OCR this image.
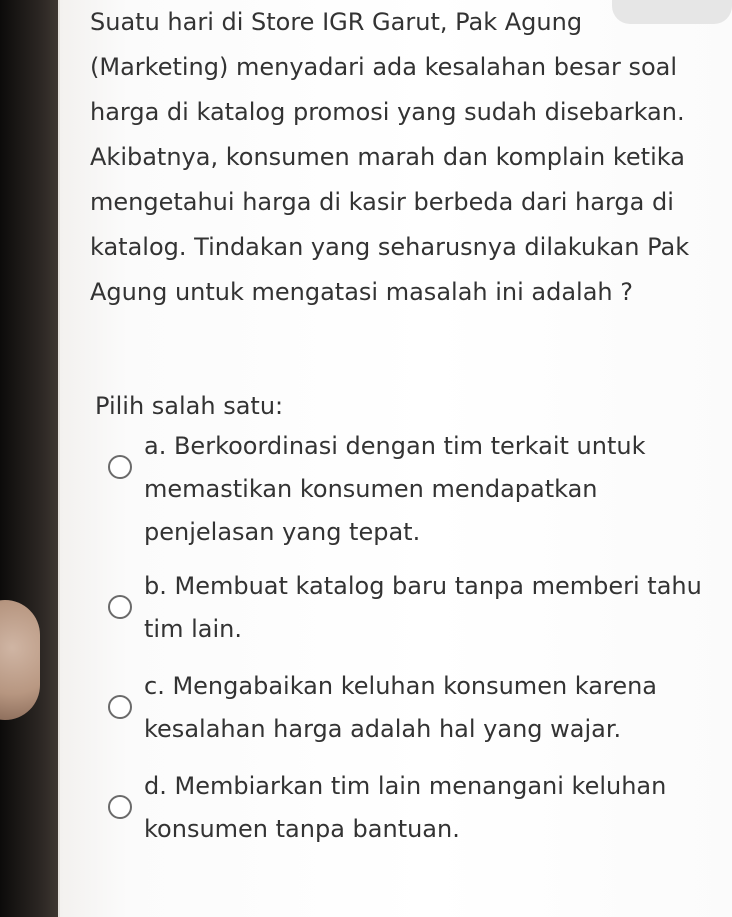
Suatu hari di Store IGR Garut, Pak Agung (Marketing) menyadari ada kesalahan besar soal harga di katalog promosi yang sudah disebarkan. Akibatnya, konsumen marah dan komplain ketika mengetahui harga di kasir berbeda dari harga di katalog. Tindakan yang seharusnya dilakukan Pak Agung untuk mengatasi masalah ini adalah ?

Pilih salah satu:

a. Berkoordinasi dengan tim terkait untuk memastikan konsumen mendapatkan penjelasan yang tepat.

b. Membuat katalog baru tanpa memberi tahu tim lain.

c. Mengabaikan keluhan konsumen karena kesalahan harga adalah hal yang wajar.

d. Membiarkan tim lain menangani keluhan konsumen tanpa bantuan.
